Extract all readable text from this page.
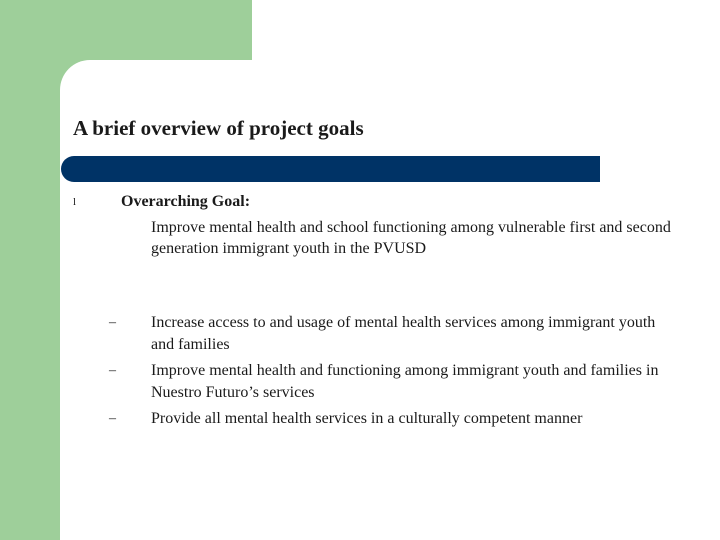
A brief overview of project goals
l	Overarching Goal:
Improve mental health and school functioning among vulnerable first and second generation immigrant youth in the PVUSD
– Increase access to and usage of mental health services among immigrant youth and families
– Improve mental health and functioning among immigrant youth and families in Nuestro Futuro’s services
– Provide all mental health services in a culturally competent manner
